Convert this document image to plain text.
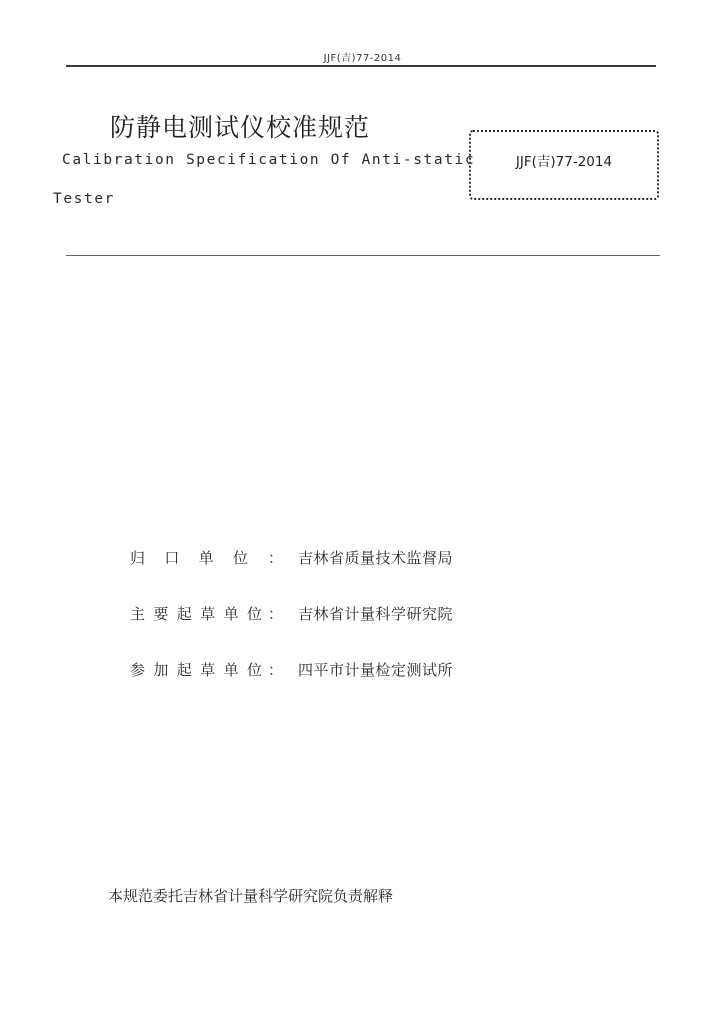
JJF(吉)77-2014
防静电测试仪校准规范
Calibration Specification Of Anti-static
Tester
JJF(吉)77-2014
归 口 单 位 ： 吉林省质量技术监督局
主 要 起 草 单 位 ： 吉林省计量科学研究院
参 加 起 草 单 位 ： 四平市计量检定测试所
本规范委托吉林省计量科学研究院负责解释
